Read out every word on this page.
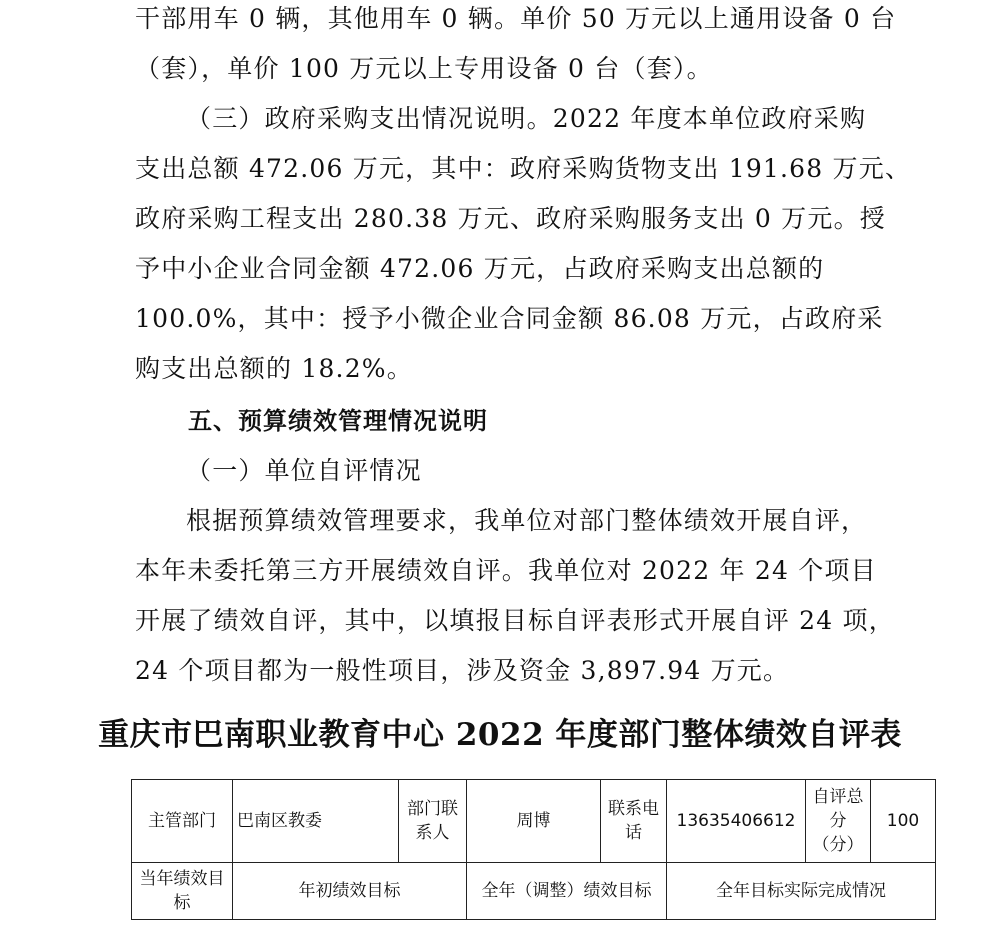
干部用车 0 辆，其他用车 0 辆。单价 50 万元以上通用设备 0 台
（套），单价 100 万元以上专用设备 0 台（套）。
（三）政府采购支出情况说明。2022 年度本单位政府采购
支出总额 472.06 万元，其中：政府采购货物支出 191.68 万元、
政府采购工程支出 280.38 万元、政府采购服务支出 0 万元。授
予中小企业合同金额 472.06 万元，占政府采购支出总额的
100.0%，其中：授予小微企业合同金额 86.08 万元，占政府采
购支出总额的 18.2%。
五、预算绩效管理情况说明
（一）单位自评情况
根据预算绩效管理要求，我单位对部门整体绩效开展自评，
本年未委托第三方开展绩效自评。我单位对 2022 年 24 个项目
开展了绩效自评，其中，以填报目标自评表形式开展自评 24 项，
24 个项目都为一般性项目，涉及资金 3,897.94 万元。
重庆市巴南职业教育中心 2022 年度部门整体绩效自评表
主管部门	巴南区教委	部门联系人	周博	联系电话	13635406612	自评总分（分）	100
当年绩效目标	年初绩效目标		全年（调整）绩效目标		全年目标实际完成情况		
